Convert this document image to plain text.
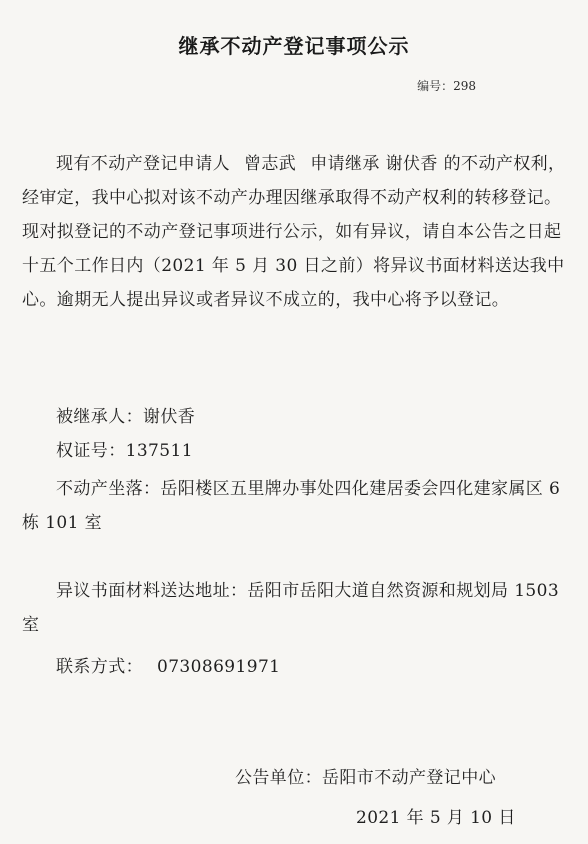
继承不动产登记事项公示
编号：298

现有不动产登记申请人 曾志武 申请继承 谢伏香 的不动产权利，经审定，我中心拟对该不动产办理因继承取得不动产权利的转移登记。现对拟登记的不动产登记事项进行公示，如有异议，请自本公告之日起十五个工作日内（2021 年 5 月 30 日之前）将异议书面材料送达我中心。逾期无人提出异议或者异议不成立的，我中心将予以登记。

被继承人：谢伏香

权证号：137511

不动产坐落：岳阳楼区五里牌办事处四化建居委会四化建家属区 6 栋 101 室

异议书面材料送达地址：岳阳市岳阳大道自然资源和规划局 1503 室

联系方式： 07308691971

公告单位：岳阳市不动产登记中心
2021 年 5 月 10 日
